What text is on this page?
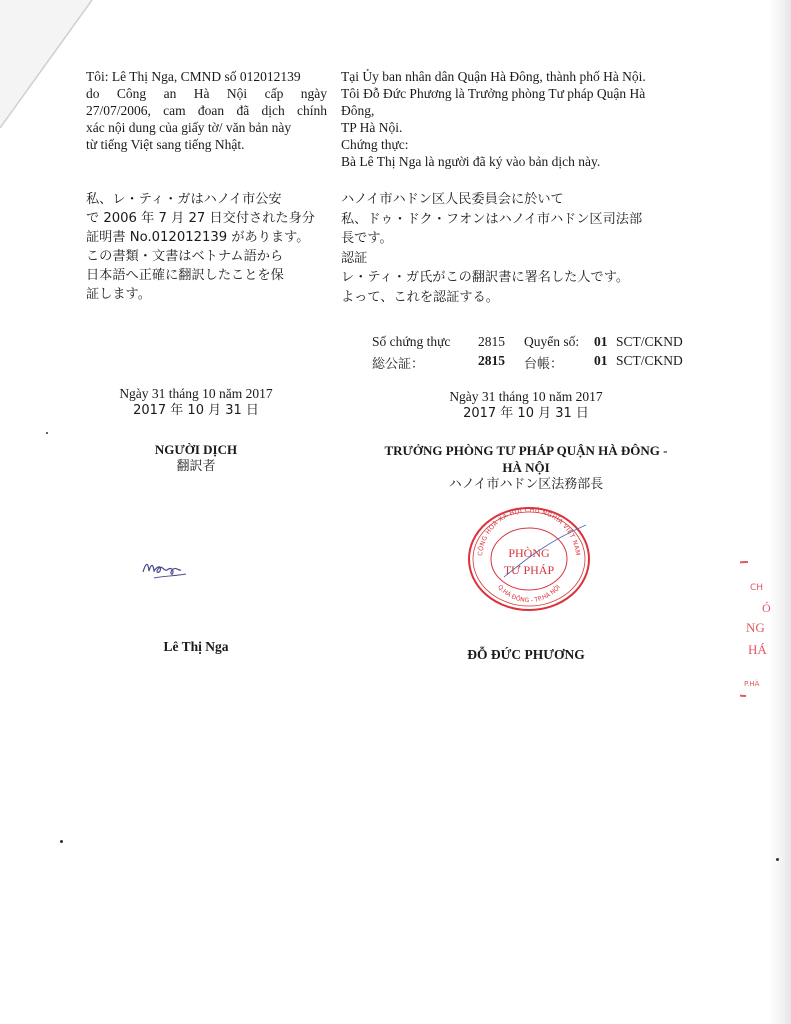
Tôi: Lê Thị Nga, CMND số 012012139

do Công an Hà Nội cấp ngày

27/07/2006, cam đoan đã dịch chính

xác nội dung của giấy tờ/ văn bản này

từ tiếng Việt sang tiếng Nhật.

私、レ・ティ・ガはハノイ市公安

で 2006 年 7 月 27 日交付された身分

証明書 No.012012139 があります。

この書類・文書はベトナム語から

日本語へ正確に翻訳したことを保

証します。

Tại Ủy ban nhân dân Quận Hà Đông, thành phố Hà Nội.

Tôi Đỗ Đức Phương là Trưởng phòng Tư pháp Quận Hà

Đông,

TP Hà Nội.

Chứng thực:

Bà Lê Thị Nga là người đã ký vào bản dịch này.

ハノイ市ハドン区人民委員会に於いて

私、ドゥ・ドク・フオンはハノイ市ハドン区司法部

長です。

認証

レ・ティ・ガ氏がこの翻訳書に署名した人です。

よって、これを認証する。

Số chứng thực 2815 Quyển số: 01 SCT/CKND
総公証：	2815 台帳： 01 SCT/CKND

Ngày 31 tháng 10 năm 2017

2017 年 10 月 31 日

NGƯỜI DỊCH

翻訳者

Lê Thị Nga

Ngày 31 tháng 10 năm 2017

2017 年 10 月 31 日

TRƯỞNG PHÒNG TƯ PHÁP QUẬN HÀ ĐÔNG -

HÀ NỘI

ハノイ市ハドン区法務部長

CỘNG HOÀ XÃ HỘI CHỦ NGHĨA VIỆT NAM
Q.HÀ ĐÔNG - TP.HÀ NỘI
PHÒNG
TƯ PHÁP

ĐỖ ĐỨC PHƯƠNG

CH
Ó
NG
HÁ
P.HÀ
